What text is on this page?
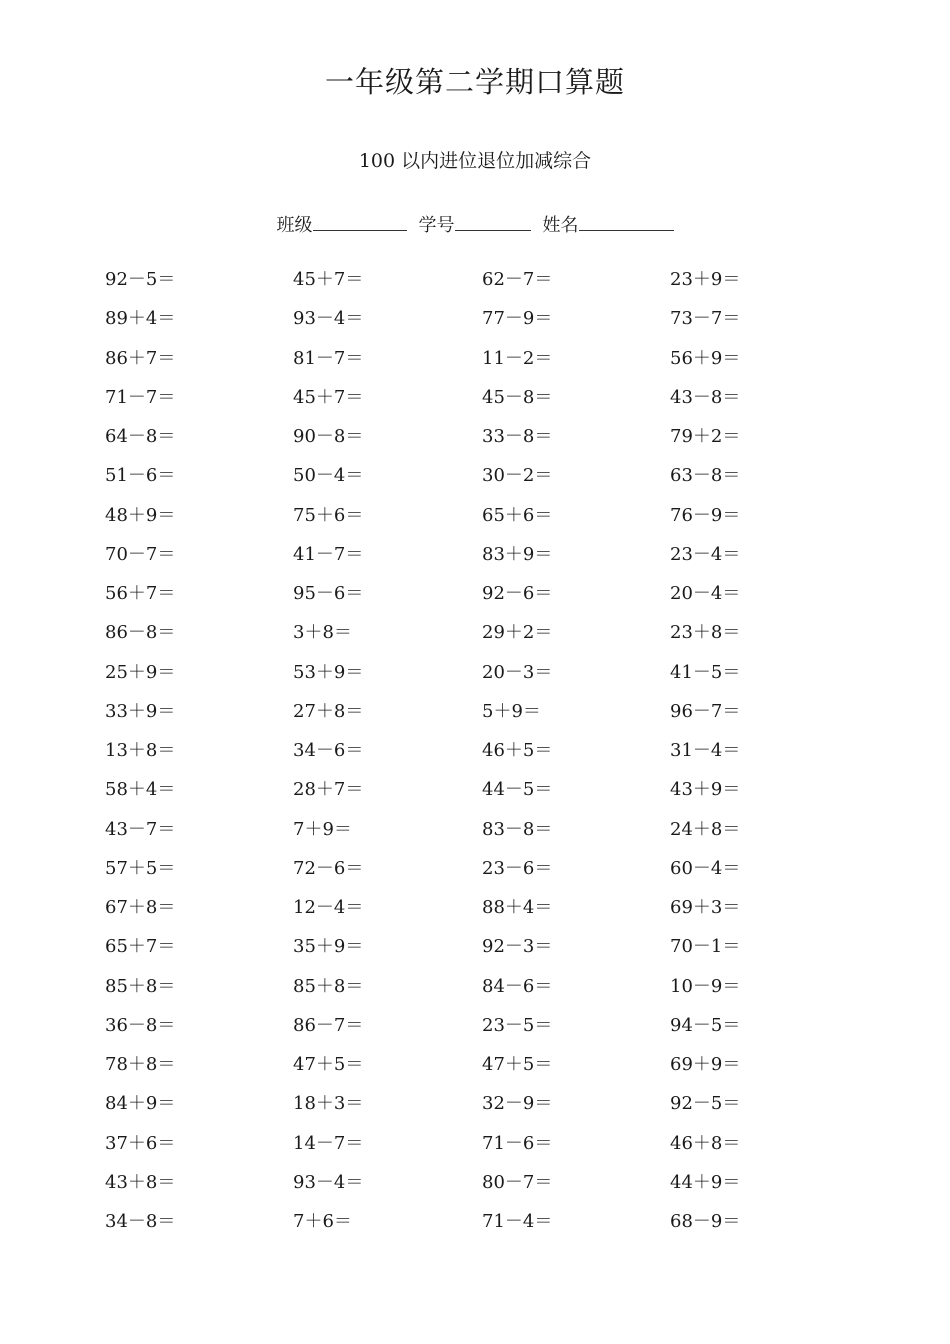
一年级第二学期口算题
100 以内进位退位加减综合
班级	学号	姓名
92－5＝	45＋7＝	62－7＝	23＋9＝
89＋4＝	93－4＝	77－9＝	73－7＝
86＋7＝	81－7＝	11－2＝	56＋9＝
71－7＝	45＋7＝	45－8＝	43－8＝
64－8＝	90－8＝	33－8＝	79＋2＝
51－6＝	50－4＝	30－2＝	63－8＝
48＋9＝	75＋6＝	65＋6＝	76－9＝
70－7＝	41－7＝	83＋9＝	23－4＝
56＋7＝	95－6＝	92－6＝	20－4＝
86－8＝	3＋8＝	29＋2＝	23＋8＝
25＋9＝	53＋9＝	20－3＝	41－5＝
33＋9＝	27＋8＝	5＋9＝	96－7＝
13＋8＝	34－6＝	46＋5＝	31－4＝
58＋4＝	28＋7＝	44－5＝	43＋9＝
43－7＝	7＋9＝	83－8＝	24＋8＝
57＋5＝	72－6＝	23－6＝	60－4＝
67＋8＝	12－4＝	88＋4＝	69＋3＝
65＋7＝	35＋9＝	92－3＝	70－1＝
85＋8＝	85＋8＝	84－6＝	10－9＝
36－8＝	86－7＝	23－5＝	94－5＝
78＋8＝	47＋5＝	47＋5＝	69＋9＝
84＋9＝	18＋3＝	32－9＝	92－5＝
37＋6＝	14－7＝	71－6＝	46＋8＝
43＋8＝	93－4＝	80－7＝	44＋9＝
34－8＝	7＋6＝	71－4＝	68－9＝
